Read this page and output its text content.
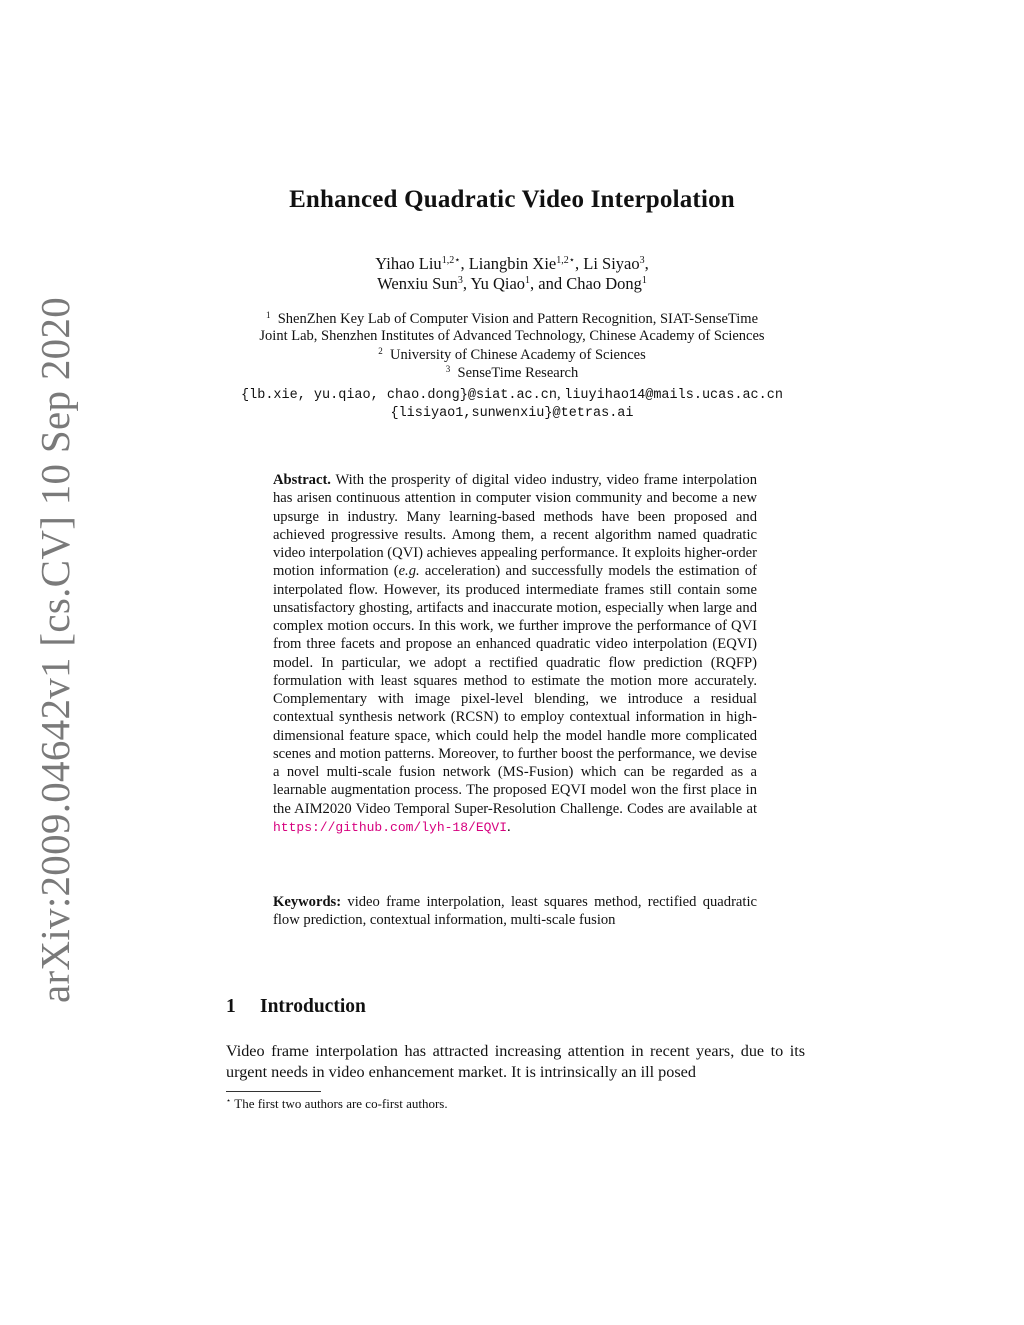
arXiv:2009.04642v1 [cs.CV] 10 Sep 2020
Enhanced Quadratic Video Interpolation
Yihao Liu$^{1,2⋆}$, Liangbin Xie$^{1,2⋆}$, Li Siyao$^3$,
Wenxiu Sun$^3$, Yu Qiao$^1$, and Chao Dong$^1$
$^1$ ShenZhen Key Lab of Computer Vision and Pattern Recognition, SIAT-SenseTime
Joint Lab, Shenzhen Institutes of Advanced Technology, Chinese Academy of Sciences
$^2$ University of Chinese Academy of Sciences
$^3$ SenseTime Research
{lb.xie, yu.qiao, chao.dong}@siat.ac.cn, liuyihao14@mails.ucas.ac.cn
{lisiyao1,sunwenxiu}@tetras.ai
Abstract. With the prosperity of digital video industry, video frame interpolation has arisen continuous attention in computer vision community and become a new upsurge in industry. Many learning-based methods have been proposed and achieved progressive results. Among them, a recent algorithm named quadratic video interpolation (QVI) achieves appealing performance. It exploits higher-order motion information (e.g. acceleration) and successfully models the estimation of interpolated flow. However, its produced intermediate frames still contain some unsatisfactory ghosting, artifacts and inaccurate motion, especially when large and complex motion occurs. In this work, we further improve the performance of QVI from three facets and propose an enhanced quadratic video interpolation (EQVI) model. In particular, we adopt a rectified quadratic flow prediction (RQFP) formulation with least squares method to estimate the motion more accurately. Complementary with image pixel-level blending, we introduce a residual contextual synthesis network (RCSN) to employ contextual information in high-dimensional feature space, which could help the model handle more complicated scenes and motion patterns. Moreover, to further boost the performance, we devise a novel multi-scale fusion network (MS-Fusion) which can be regarded as a learnable augmentation process. The proposed EQVI model won the first place in the AIM2020 Video Temporal Super-Resolution Challenge. Codes are available at https://github.com/lyh-18/EQVI.
Keywords: video frame interpolation, least squares method, rectified quadratic flow prediction, contextual information, multi-scale fusion
1 Introduction
Video frame interpolation has attracted increasing attention in recent years, due to its urgent needs in video enhancement market. It is intrinsically an ill posed
⋆ The first two authors are co-first authors.
